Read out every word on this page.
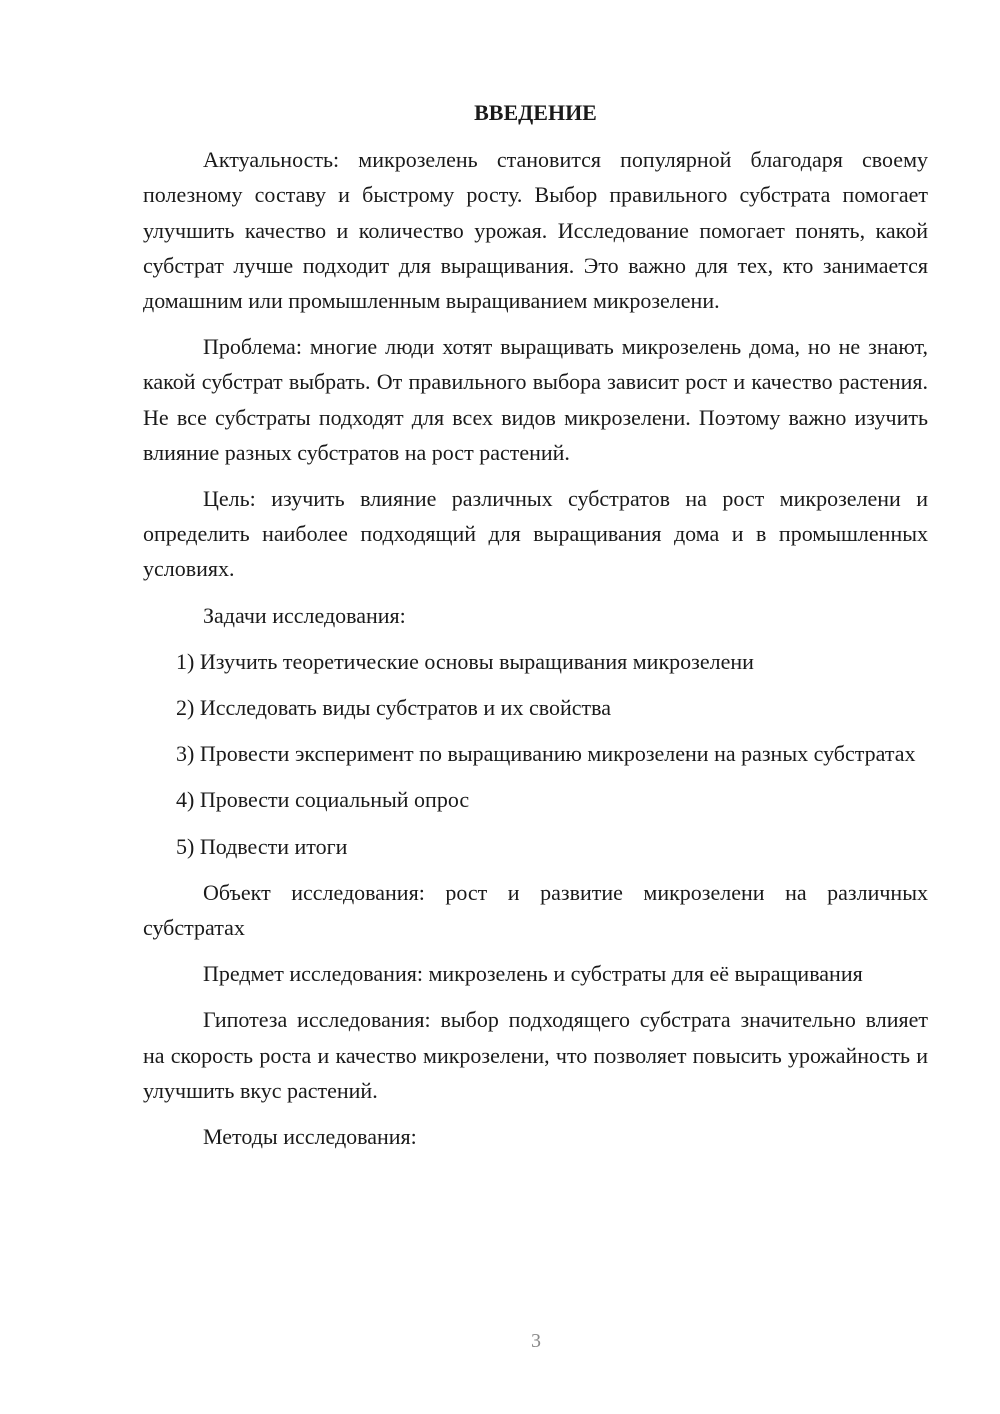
ВВЕДЕНИЕ

Актуальность: микрозелень становится популярной благодаря своему полезному составу и быстрому росту. Выбор правильного субстрата помогает улучшить качество и количество урожая. Исследование помогает понять, какой субстрат лучше подходит для выращивания. Это важно для тех, кто занимается домашним или промышленным выращиванием микрозелени.

Проблема: многие люди хотят выращивать микрозелень дома, но не знают, какой субстрат выбрать. От правильного выбора зависит рост и качество растения. Не все субстраты подходят для всех видов микрозелени. Поэтому важно изучить влияние разных субстратов на рост растений.

Цель: изучить влияние различных субстратов на рост микрозелени и определить наиболее подходящий для выращивания дома и в промышленных условиях.

Задачи исследования:

1) Изучить теоретические основы выращивания микрозелени

2) Исследовать виды субстратов и их свойства

3) Провести эксперимент по выращиванию микрозелени на разных субстратах

4) Провести социальный опрос

5) Подвести итоги

Объект исследования: рост и развитие микрозелени на различных субстратах

Предмет исследования: микрозелень и субстраты для её выращивания

Гипотеза исследования: выбор подходящего субстрата значительно влияет на скорость роста и качество микрозелени, что позволяет повысить урожайность и улучшить вкус растений.

Методы исследования:

3
